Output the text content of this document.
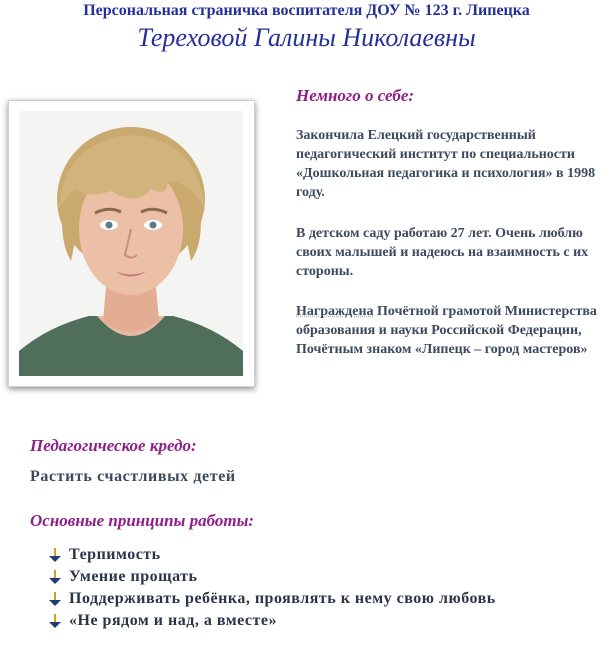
Персональная страничка воспитателя ДОУ № 123 г. Липецка
Тереховой Галины Николаевны
Немного о себе:
Закончила Елецкий государственный педагогический институт по специальности «Дошкольная педагогика и психология» в 1998 году.
В детском саду работаю 27 лет. Очень люблю своих малышей и надеюсь на взаимность с их стороны.
Награждена Почётной грамотой Министерства образования и науки Российской Федерации,
Почётным знаком «Липецк – город мастеров»
Педагогическое кредо:
Растить счастливых детей
Основные принципы работы:
Терпимость
Умение прощать
Поддерживать ребёнка, проявлять к нему свою любовь
«Не рядом и над, а вместе»
